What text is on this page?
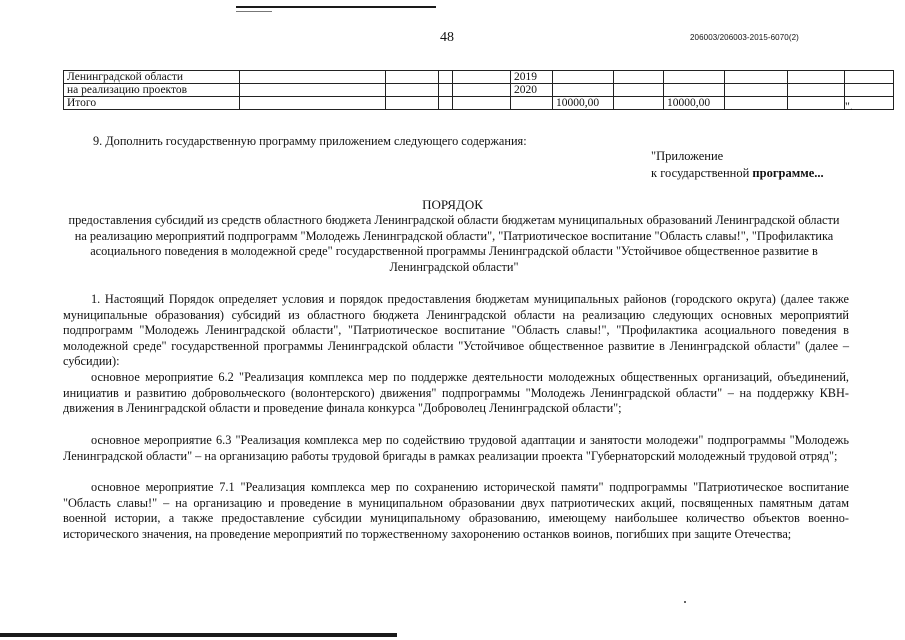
48	206003/206003-2015-6070(2)
Ленинградской области					2019						
на реализацию проектов					2020						
Итого						10000,00		10000,00				".
9. Дополнить государственную программу приложением следующего содержания:
"Приложение
к государственной программе...
ПОРЯДОК
предоставления субсидий из средств областного бюджета Ленинградской области бюджетам муниципальных образований Ленинградской области на реализацию мероприятий подпрограмм "Молодежь Ленинградской области", "Патриотическое воспитание "Область славы!", "Профилактика асоциального поведения в молодежной среде" государственной программы Ленинградской области "Устойчивое общественное развитие в Ленинградской области"
1. Настоящий Порядок определяет условия и порядок предоставления бюджетам муниципальных районов (городского округа) (далее также муниципальные образования) субсидий из областного бюджета Ленинградской области на реализацию следующих основных мероприятий подпрограмм "Молодежь Ленинградской области", "Патриотическое воспитание "Область славы!", "Профилактика асоциального поведения в молодежной среде" государственной программы Ленинградской области "Устойчивое общественное развитие в Ленинградской области" (далее – субсидии):
основное мероприятие 6.2 "Реализация комплекса мер по поддержке деятельности молодежных общественных организаций, объединений, инициатив и развитию добровольческого (волонтерского) движения" подпрограммы "Молодежь Ленинградской области" – на поддержку КВН-движения в Ленинградской области и проведение финала конкурса "Доброволец Ленинградской области";
основное мероприятие 6.3 "Реализация комплекса мер по содействию трудовой адаптации и занятости молодежи" подпрограммы "Молодежь Ленинградской области" – на организацию работы трудовой бригады в рамках реализации проекта "Губернаторский молодежный трудовой отряд";
основное мероприятие 7.1 "Реализация комплекса мер по сохранению исторической памяти" подпрограммы "Патриотическое воспитание "Область славы!" – на организацию и проведение в муниципальном образовании двух патриотических акций, посвященных памятным датам военной истории, а также предоставление субсидии муниципальному образованию, имеющему наибольшее количество объектов военно-исторического значения, на проведение мероприятий по торжественному захоронению останков воинов, погибших при защите Отечества;
